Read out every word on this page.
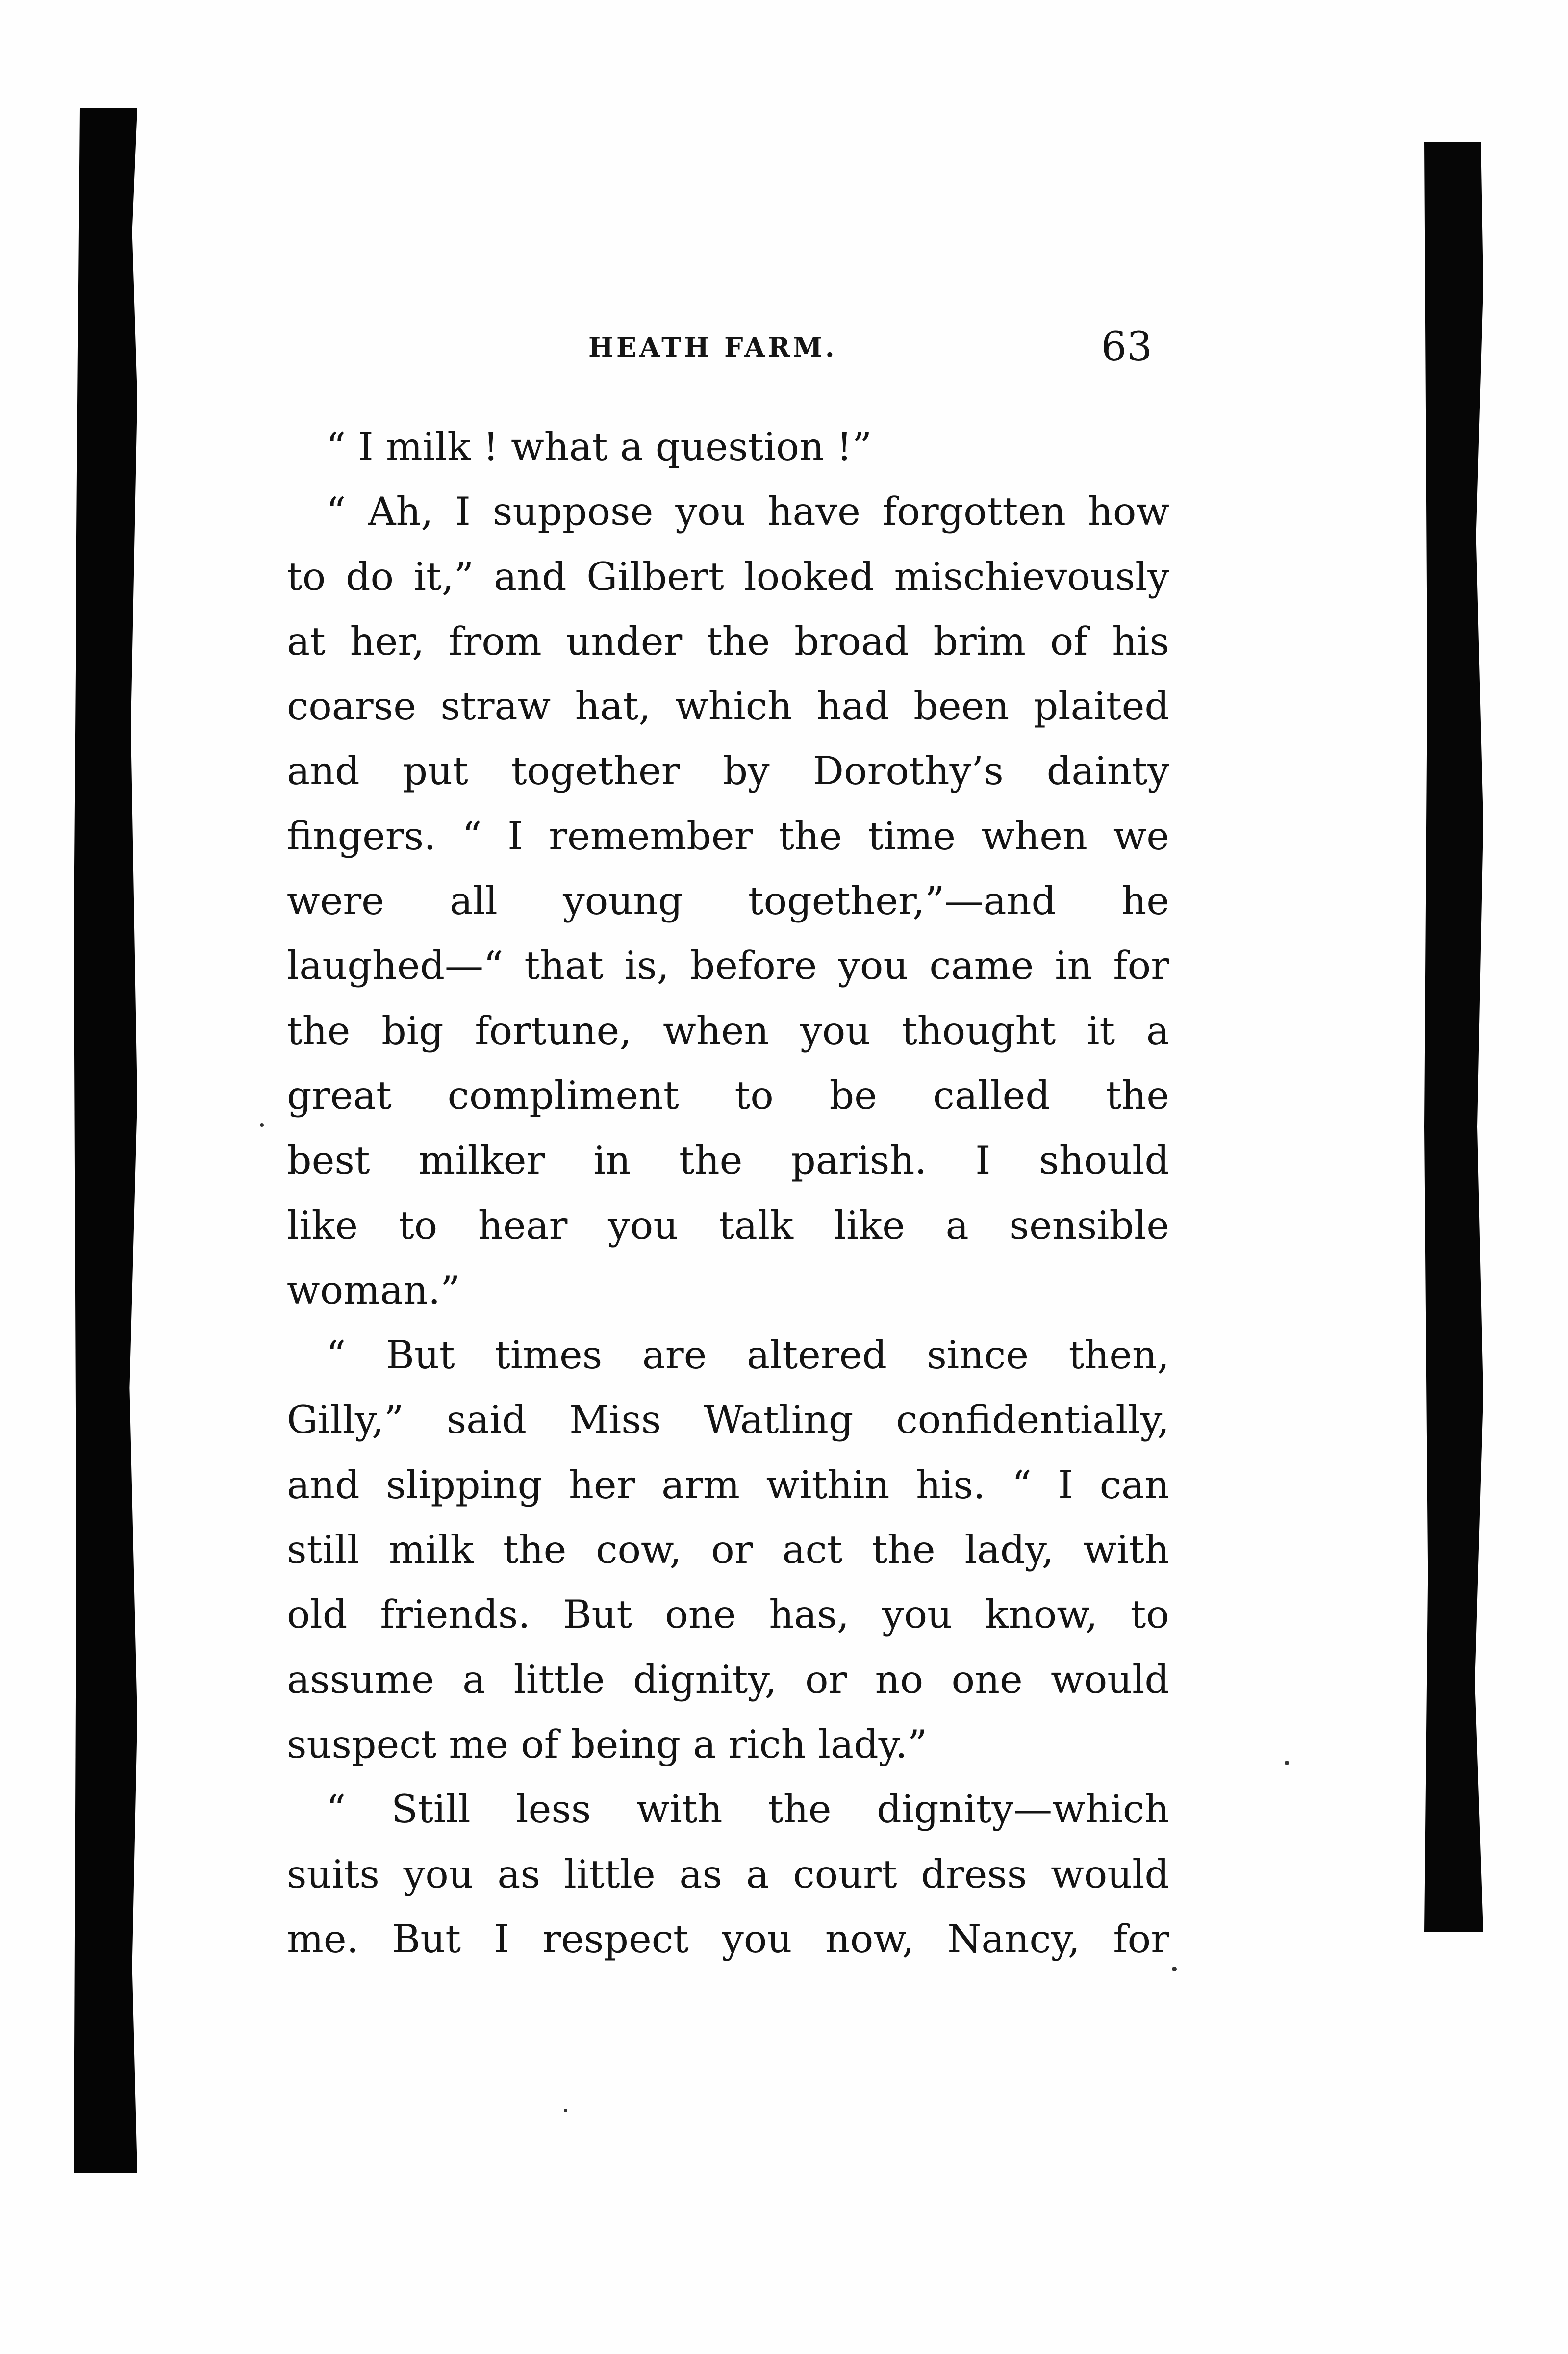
HEATH FARM.	63
“ I milk ! what a question !”
“ Ah, I suppose you have forgotten how
to do it,” and Gilbert looked mischievously
at her, from under the broad brim of his
coarse straw hat, which had been plaited
and put together by Dorothy’s dainty
fingers. “ I remember the time when we
were all young together,”—and he
laughed—“ that is, before you came in for
the big fortune, when you thought it a
great compliment to be called the
best milker in the parish. I should
like to hear you talk like a sensible
woman.”
“ But times are altered since then,
Gilly,” said Miss Watling confidentially,
and slipping her arm within his. “ I can
still milk the cow, or act the lady, with
old friends. But one has, you know, to
assume a little dignity, or no one would
suspect me of being a rich lady.”
“ Still less with the dignity—which
suits you as little as a court dress would
me. But I respect you now, Nancy, for
